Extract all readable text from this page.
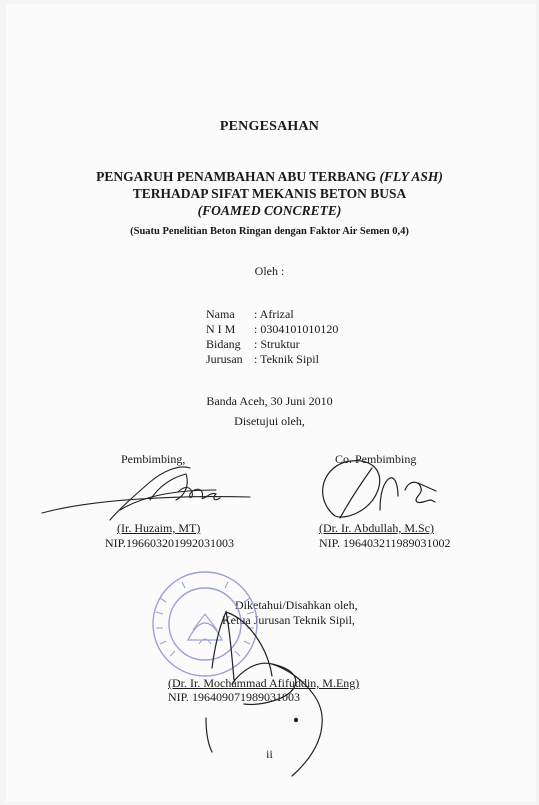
PENGESAHAN
PENGARUH PENAMBAHAN ABU TERBANG (FLY ASH)
TERHADAP SIFAT MEKANIS BETON BUSA
(FOAMED CONCRETE)
(Suatu Penelitian Beton Ringan dengan Faktor Air Semen 0,4)
Oleh :
Nama : Afrizal
N I M : 0304101010120
Bidang : Struktur
Jurusan : Teknik Sipil
Banda Aceh, 30 Juni 2010
Disetujui oleh,
Pembimbing,
(Ir. Huzaim, MT)
NIP.196603201992031003
Co. Pembimbing
(Dr. Ir. Abdullah, M.Sc)
NIP. 196403211989031002
Diketahui/Disahkan oleh,
Ketua Jurusan Teknik Sipil,
(Dr. Ir. Mochammad Afifuddin, M.Eng)
NIP. 196409071989031003
ii
